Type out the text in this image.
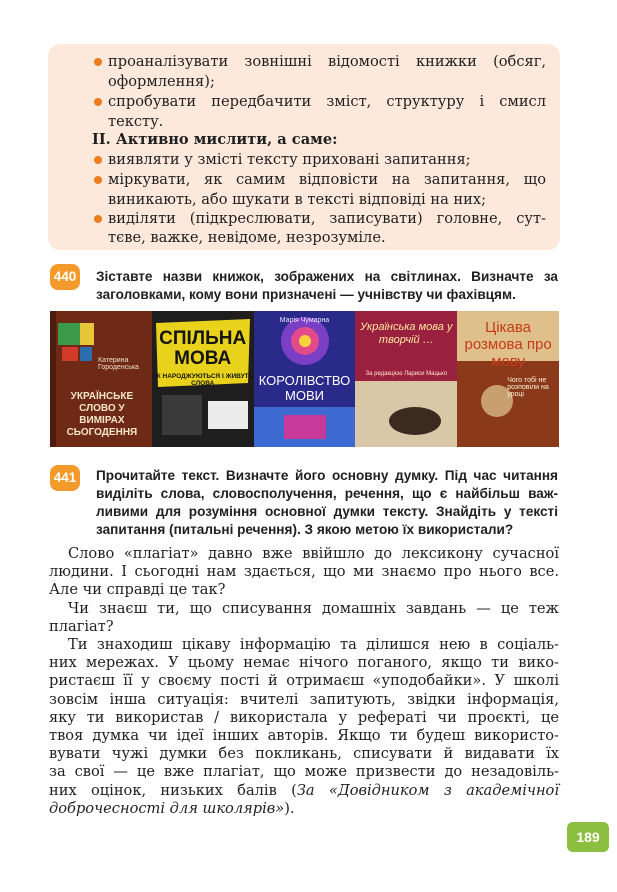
проаналізувати зовнішні відомості книжки (обсяг,
оформлення);
спробувати передбачити зміст, структуру і смисл
тексту.
II. Активно мислити, а саме:
виявляти у змісті тексту приховані запитання;
міркувати, як самим відповісти на запитання, що
виникають, або шукати в тексті відповіді на них;
виділяти (підкреслювати, записувати) головне, сут-
тєве, важке, невідоме, незрозуміле.
440 Зіставте назви книжок, зображених на світлинах. Визначте за
заголовками, кому вони призначені — учнівству чи фахівцям.
Катерина Городенська
УКРАЇНСЬКЕ СЛОВО У ВИМІРАХ СЬОГОДЕННЯ
СПІЛЬНА МОВА
ЯК НАРОДЖУЮТЬСЯ І ЖИВУТЬ СЛОВА
Марія Чумарна
КОРОЛІВСТВО МОВИ
Українська мова у творчій …
За редакцією Лариси Мацько
Цікава розмова про мову
Чого тобі не розповіли на уроці
441 Прочитайте текст. Визначте його основну думку. Під час читання
виділіть слова, словосполучення, речення, що є найбільш важ-
ливими для розуміння основної думки тексту. Знайдіть у тексті
запитання (питальні речення). З якою метою їх використали?
Слово «плагіат» давно вже ввійшло до лексикону сучасної
людини. І сьогодні нам здається, що ми знаємо про нього все.
Але чи справді це так?
Чи знаєш ти, що списування домашніх завдань — це теж
плагіат?
Ти знаходиш цікаву інформацію та ділишся нею в соціаль-
них мережах. У цьому немає нічого поганого, якщо ти вико-
ристаєш її у своєму пості й отримаєш «уподобайки». У школі
зовсім інша ситуація: вчителі запитують, звідки інформація,
яку ти використав / використала у рефераті чи проєкті, це
твоя думка чи ідеї інших авторів. Якщо ти будеш використо-
вувати чужі думки без покликань, списувати й видавати їх
за свої — це вже плагіат, що може призвести до незадовіль-
них оцінок, низьких балів (За «Довідником з академічної
доброчесності для школярів»).
189
